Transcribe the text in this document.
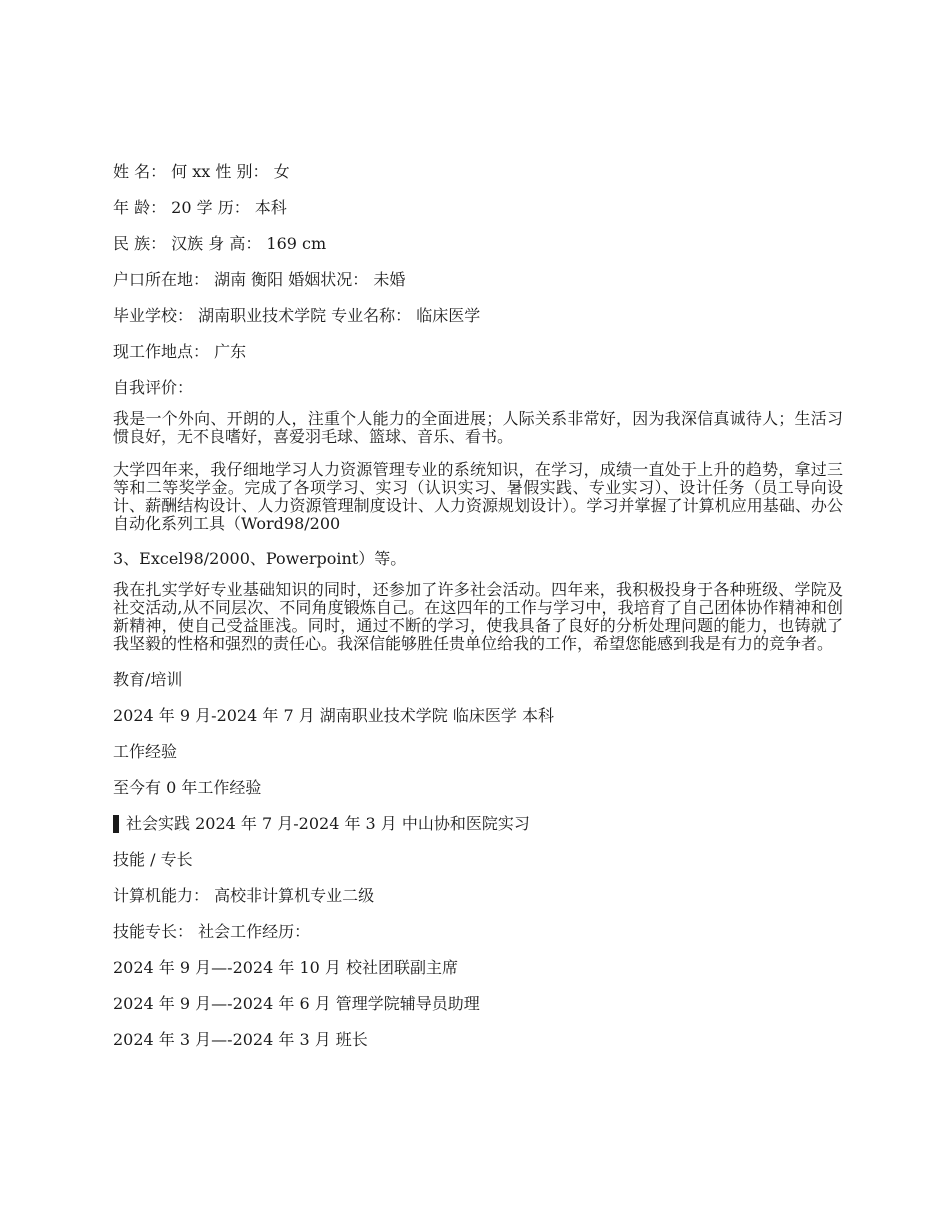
姓 名： 何 xx 性 别： 女
年 龄： 20 学 历： 本科
民 族： 汉族 身 高： 169 cm
户口所在地： 湖南 衡阳 婚姻状况： 未婚
毕业学校： 湖南职业技术学院 专业名称： 临床医学
现工作地点： 广东
自我评价：

我是一个外向、开朗的人，注重个人能力的全面进展；人际关系非常好，因为我深信真诚待人；生活习惯良好，无不良嗜好，喜爱羽毛球、篮球、音乐、看书。

大学四年来，我仔细地学习人力资源管理专业的系统知识，在学习，成绩一直处于上升的趋势，拿过三等和二等奖学金。完成了各项学习、实习（认识实习、暑假实践、专业实习）、设计任务（员工导向设计、薪酬结构设计、人力资源管理制度设计、人力资源规划设计）。学习并掌握了计算机应用基础、办公自动化系列工具（Word98/200

3、Excel98/2000、Powerpoint）等。

我在扎实学好专业基础知识的同时，还参加了许多社会活动。四年来，我积极投身于各种班级、学院及社交活动,从不同层次、不同角度锻炼自己。在这四年的工作与学习中，我培育了自己团体协作精神和创新精神，使自己受益匪浅。同时，通过不断的学习，使我具备了良好的分析处理问题的能力，也铸就了我坚毅的性格和强烈的责任心。我深信能够胜任贵单位给我的工作，希望您能感到我是有力的竞争者。

教育/培训
2024 年 9 月-2024 年 7 月 湖南职业技术学院 临床医学 本科
工作经验
至今有 0 年工作经验
社会实践 2024 年 7 月-2024 年 3 月 中山协和医院实习
技能 / 专长
计算机能力： 高校非计算机专业二级
技能专长： 社会工作经历：
2024 年 9 月—-2024 年 10 月 校社团联副主席
2024 年 9 月—-2024 年 6 月 管理学院辅导员助理
2024 年 3 月—-2024 年 3 月 班长
